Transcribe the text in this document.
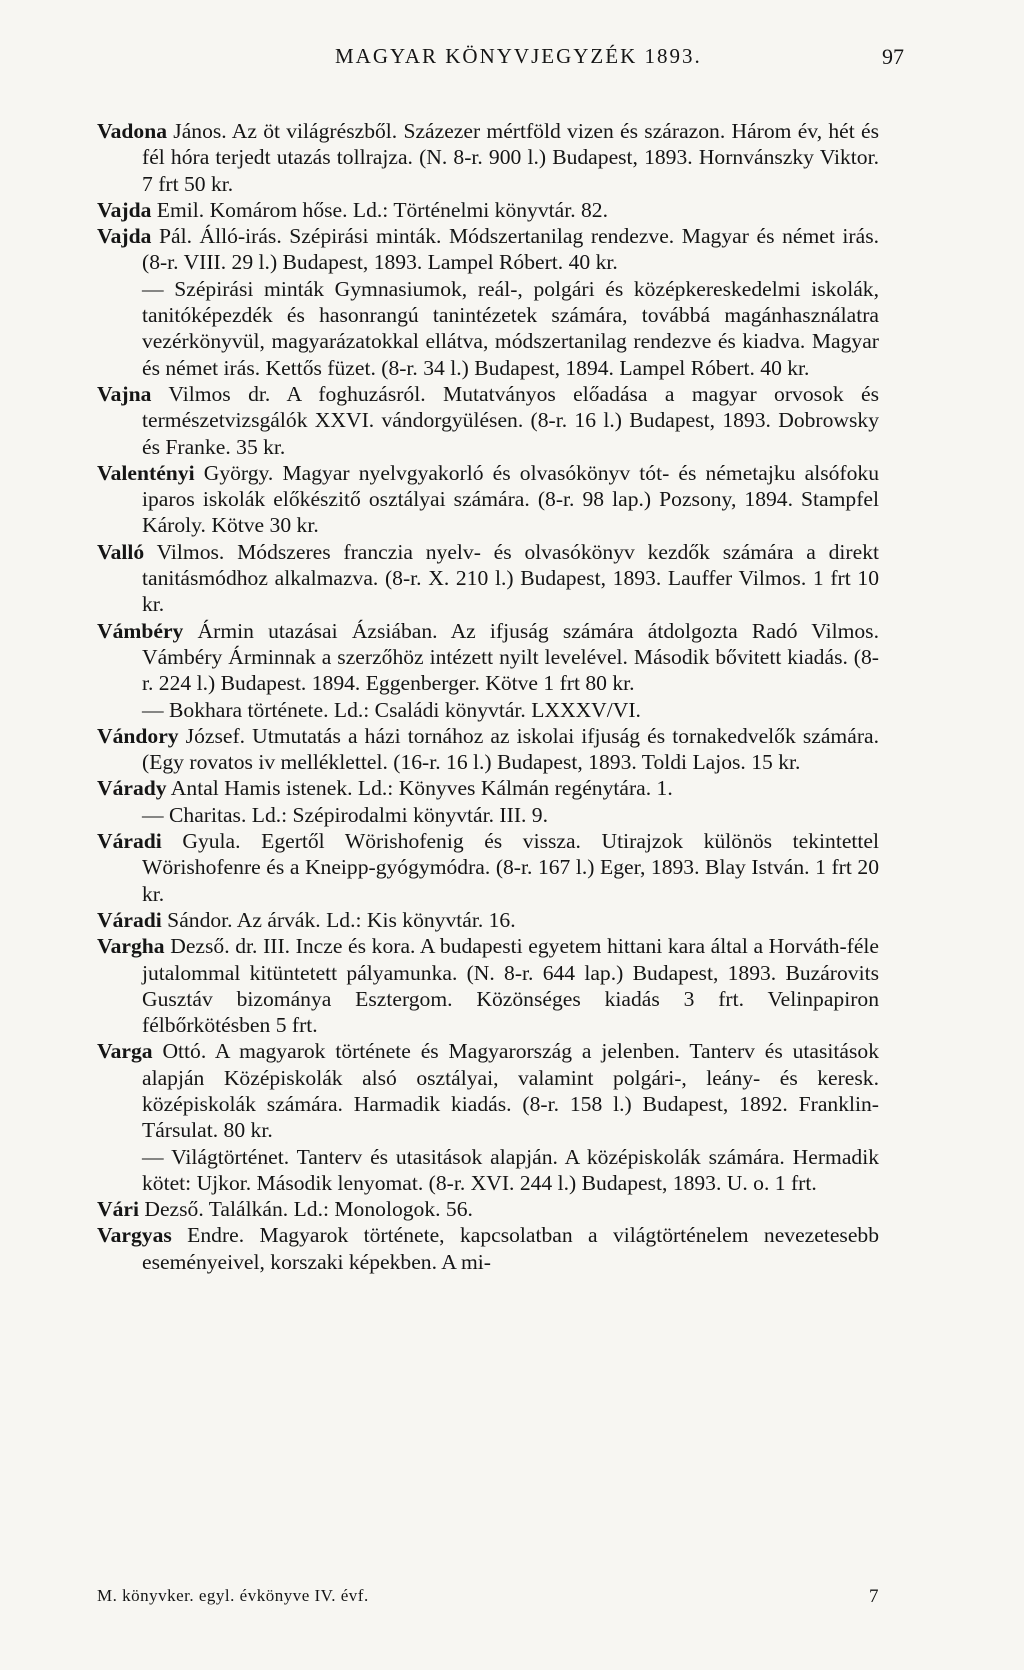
MAGYAR KÖNYVJEGYZÉK 1893.	97
Vadona János. Az öt világrészből. Százezer mértföld vizen és szárazon. Három év, hét és fél hóra terjedt utazás tollrajza. (N. 8-r. 900 l.) Budapest, 1893. Hornvánszky Viktor. 7 frt 50 kr.
Vajda Emil. Komárom hőse. Ld.: Történelmi könyvtár. 82.
Vajda Pál. Álló-irás. Szépirási minták. Módszertanilag rendezve. Magyar és német irás. (8-r. VIII. 29 l.) Budapest, 1893. Lampel Róbert. 40 kr.
— Szépirási minták Gymnasiumok, reál-, polgári és középkereskedelmi iskolák, tanitóképezdék és hasonrangú tanintézetek számára, továbbá magánhasználatra vezérkönyvül, magyarázatokkal ellátva, módszertanilag rendezve és kiadva. Magyar és német irás. Kettős füzet. (8-r. 34 l.) Budapest, 1894. Lampel Róbert. 40 kr.
Vajna Vilmos dr. A foghuzásról. Mutatványos előadása a magyar orvosok és természetvizsgálók XXVI. vándorgyülésen. (8-r. 16 l.) Budapest, 1893. Dobrowsky és Franke. 35 kr.
Valentényi György. Magyar nyelvgyakorló és olvasókönyv tót- és németajku alsófoku iparos iskolák előkészitő osztályai számára. (8-r. 98 lap.) Pozsony, 1894. Stampfel Károly. Kötve 30 kr.
Valló Vilmos. Módszeres franczia nyelv- és olvasókönyv kezdők számára a direkt tanitásmódhoz alkalmazva. (8-r. X. 210 l.) Budapest, 1893. Lauffer Vilmos. 1 frt 10 kr.
Vámbéry Ármin utazásai Ázsiában. Az ifjuság számára átdolgozta Radó Vilmos. Vámbéry Árminnak a szerzőhöz intézett nyilt levelével. Második bővitett kiadás. (8-r. 224 l.) Budapest. 1894. Eggenberger. Kötve 1 frt 80 kr.
— Bokhara története. Ld.: Családi könyvtár. LXXXV/VI.
Vándory József. Utmutatás a házi tornához az iskolai ifjuság és tornakedvelők számára. (Egy rovatos iv melléklettel. (16-r. 16 l.) Budapest, 1893. Toldi Lajos. 15 kr.
Várady Antal Hamis istenek. Ld.: Könyves Kálmán regénytára. 1.
— Charitas. Ld.: Szépirodalmi könyvtár. III. 9.
Váradi Gyula. Egertől Wörishofenig és vissza. Utirajzok különös tekintettel Wörishofenre és a Kneipp-gyógymódra. (8-r. 167 l.) Eger, 1893. Blay István. 1 frt 20 kr.
Váradi Sándor. Az árvák. Ld.: Kis könyvtár. 16.
Vargha Dezső. dr. III. Incze és kora. A budapesti egyetem hittani kara által a Horváth-féle jutalommal kitüntetett pályamunka. (N. 8-r. 644 lap.) Budapest, 1893. Buzárovits Gusztáv bizománya Esztergom. Közönséges kiadás 3 frt. Velinpapiron félbőrkötésben 5 frt.
Varga Ottó. A magyarok története és Magyarország a jelenben. Tanterv és utasitások alapján Középiskolák alsó osztályai, valamint polgári-, leány- és keresk. középiskolák számára. Harmadik kiadás. (8-r. 158 l.) Budapest, 1892. Franklin-Társulat. 80 kr.
— Világtörténet. Tanterv és utasitások alapján. A középiskolák számára. Hermadik kötet: Ujkor. Második lenyomat. (8-r. XVI. 244 l.) Budapest, 1893. U. o. 1 frt.
Vári Dezső. Találkán. Ld.: Monologok. 56.
Vargyas Endre. Magyarok története, kapcsolatban a világtörténelem nevezetesebb eseményeivel, korszaki képekben. A mi-
M. könyvker. egyl. évkönyve IV. évf.	7
